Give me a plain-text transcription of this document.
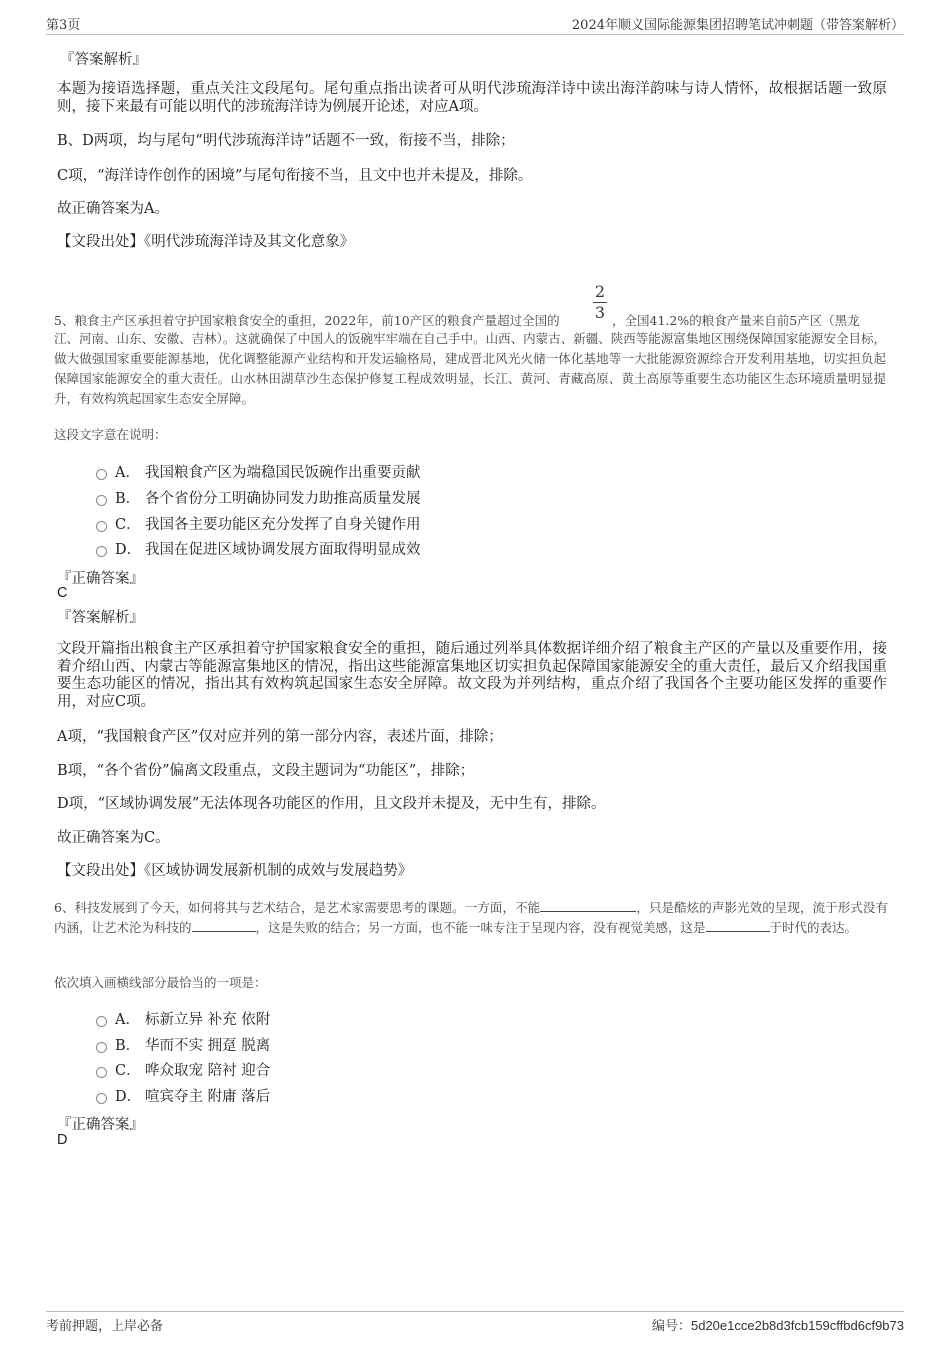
第3页	2024年顺义国际能源集团招聘笔试冲刺题（带答案解析）
『答案解析』
本题为接语选择题，重点关注文段尾句。尾句重点指出读者可从明代涉琉海洋诗中读出海洋韵味与诗人情怀，故根据话题一致原则，接下来最有可能以明代的涉琉海洋诗为例展开论述，对应A项。
B、D两项，均与尾句“明代涉琉海洋诗”话题不一致，衔接不当，排除；
C项，“海洋诗作创作的困境”与尾句衔接不当，且文中也并未提及，排除。
故正确答案为A。
【文段出处】《明代涉琉海洋诗及其文化意象》
2
3
5、粮食主产区承担着守护国家粮食安全的重担，2022年，前10产区的粮食产量超过全国的	，全国41.2%的粮食产量来自前5产区（黑龙
江、河南、山东、安徽、吉林）。这就确保了中国人的饭碗牢牢端在自己手中。山西、内蒙古、新疆、陕西等能源富集地区围绕保障国家能源安全目标，做大做强国家重要能源基地，优化调整能源产业结构和开发运输格局，建成晋北风光火储一体化基地等一大批能源资源综合开发利用基地，切实担负起保障国家能源安全的重大责任。山水林田湖草沙生态保护修复工程成效明显，长江、黄河、青藏高原、黄土高原等重要生态功能区生态环境质量明显提升，有效构筑起国家生态安全屏障。
这段文字意在说明：
A． 我国粮食产区为端稳国民饭碗作出重要贡献
B． 各个省份分工明确协同发力助推高质量发展
C． 我国各主要功能区充分发挥了自身关键作用
D． 我国在促进区域协调发展方面取得明显成效
『正确答案』
C
『答案解析』
文段开篇指出粮食主产区承担着守护国家粮食安全的重担，随后通过列举具体数据详细介绍了粮食主产区的产量以及重要作用，接着介绍山西、内蒙古等能源富集地区的情况，指出这些能源富集地区切实担负起保障国家能源安全的重大责任，最后又介绍我国重要生态功能区的情况，指出其有效构筑起国家生态安全屏障。故文段为并列结构，重点介绍了我国各个主要功能区发挥的重要作用，对应C项。
A项，“我国粮食产区”仅对应并列的第一部分内容，表述片面，排除；
B项，“各个省份”偏离文段重点，文段主题词为“功能区”，排除；
D项，“区域协调发展”无法体现各功能区的作用，且文段并未提及，无中生有，排除。
故正确答案为C。
【文段出处】《区域协调发展新机制的成效与发展趋势》
6、科技发展到了今天，如何将其与艺术结合，是艺术家需要思考的课题。一方面，不能	，只是酷炫的声影光效的呈现，流于形式没有内涵，让艺术沦为科技的	，这是失败的结合；另一方面，也不能一味专注于呈现内容，没有视觉美感，这是	于时代的表达。
依次填入画横线部分最恰当的一项是：
A． 标新立异 补充 依附
B． 华而不实 拥趸 脱离
C． 哗众取宠 陪衬 迎合
D． 喧宾夺主 附庸 落后
『正确答案』
D
考前押题，上岸必备	编号：5d20e1cce2b8d3fcb159cffbd6cf9b73
